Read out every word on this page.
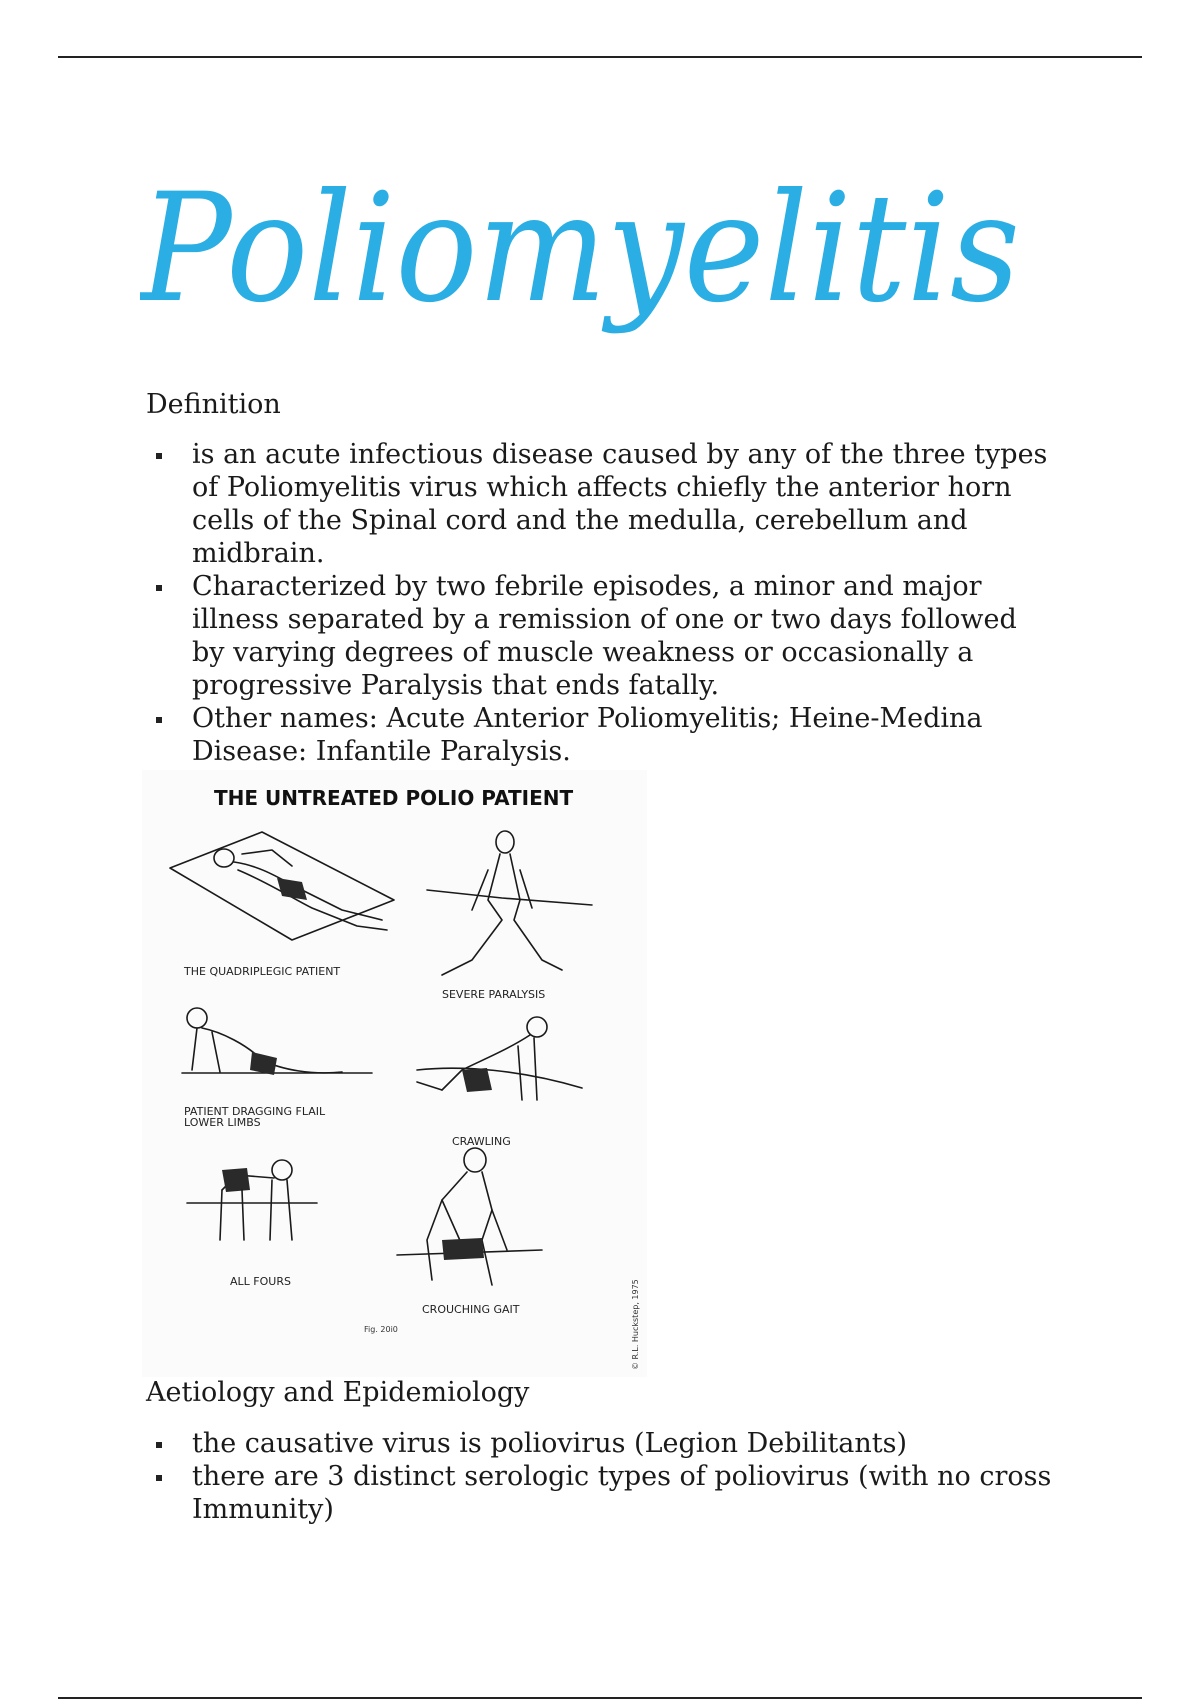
Poliomyelitis
Definition
is an acute infectious disease caused by any of the three types
of Poliomyelitis virus which affects chiefly the anterior horn
cells of the Spinal cord and the medulla, cerebellum and
midbrain.
Characterized by two febrile episodes, a minor and major
illness separated by a remission of one or two days followed
by varying degrees of muscle weakness or occasionally a
progressive Paralysis that ends fatally.
Other names: Acute Anterior Poliomyelitis; Heine-Medina
Disease: Infantile Paralysis.
THE UNTREATED POLIO PATIENT
THE QUADRIPLEGIC PATIENT
SEVERE PARALYSIS
PATIENT DRAGGING FLAIL
LOWER LIMBS
CRAWLING
ALL FOURS
CROUCHING GAIT
Fig. 20i0	© R.L. Huckstep, 1975
Aetiology and Epidemiology
the causative virus is poliovirus (Legion Debilitants)
there are 3 distinct serologic types of poliovirus (with no cross
Immunity)
